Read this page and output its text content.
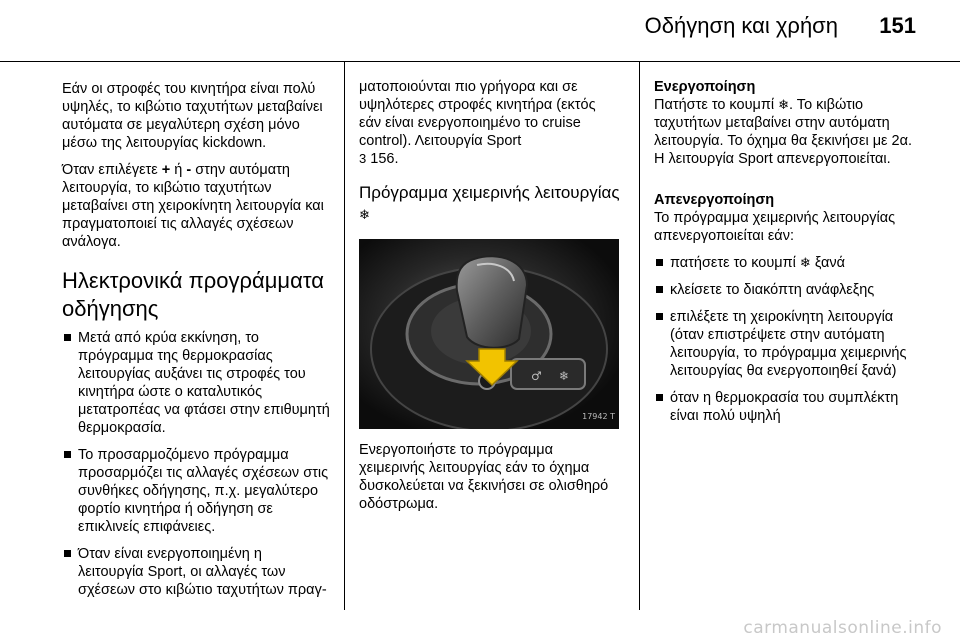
Οδήγηση και χρήση 151

Εάν οι στροφές του κινητήρα είναι πολύ υψηλές, το κιβώτιο ταχυτήτων μεταβαίνει αυτόματα σε μεγαλύτερη σχέση μόνο μέσω της λειτουργίας kickdown.

Όταν επιλέγετε + ή - στην αυτόματη λειτουργία, το κιβώτιο ταχυτήτων μεταβαίνει στη χειροκίνητη λειτουργία και πραγματοποιεί τις αλλαγές σχέσεων ανάλογα.

Ηλεκτρονικά προγράμματα οδήγησης
Μετά από κρύα εκκίνηση, το πρόγραμμα της θερμοκρασίας λειτουργίας αυξάνει τις στροφές του κινητήρα ώστε ο καταλυτικός μετατροπέας να φτάσει στην επιθυμητή θερμοκρασία.
Το προσαρμοζόμενο πρόγραμμα προσαρμόζει τις αλλαγές σχέσεων στις συνθήκες οδήγησης, π.χ. μεγαλύτερο φορτίο κινητήρα ή οδήγηση σε επικλινείς επιφάνειες.
Όταν είναι ενεργοποιημένη η λειτουργία Sport, οι αλλαγές των σχέσεων στο κιβώτιο ταχυτήτων πραγ-

ματοποιούνται πιο γρήγορα και σε υψηλότερες στροφές κινητήρα (εκτός εάν είναι ενεργοποιημένο το cruise control). Λειτουργία Sport
3 156.

Πρόγραμμα χειμερινής λειτουργίας ❄
♂ ❄
17942 T

Ενεργοποιήστε το πρόγραμμα χειμερινής λειτουργίας εάν το όχημα δυσκολεύεται να ξεκινήσει σε ολισθηρό οδόστρωμα.

Ενεργοποίηση

Πατήστε το κουμπί ❄. Το κιβώτιο ταχυτήτων μεταβαίνει στην αυτόματη λειτουργία. Το όχημα θα ξεκινήσει με 2α. Η λειτουργία Sport απενεργοποιείται.

Απενεργοποίηση

Το πρόγραμμα χειμερινής λειτουργίας απενεργοποιείται εάν:

πατήσετε το κουμπί ❄ ξανά
κλείσετε το διακόπτη ανάφλεξης
επιλέξετε τη χειροκίνητη λειτουργία (όταν επιστρέψετε στην αυτόματη λειτουργία, το πρόγραμμα χειμερινής λειτουργίας θα ενεργοποιηθεί ξανά)
όταν η θερμοκρασία του συμπλέκτη είναι πολύ υψηλή
carmanualsonline.info
